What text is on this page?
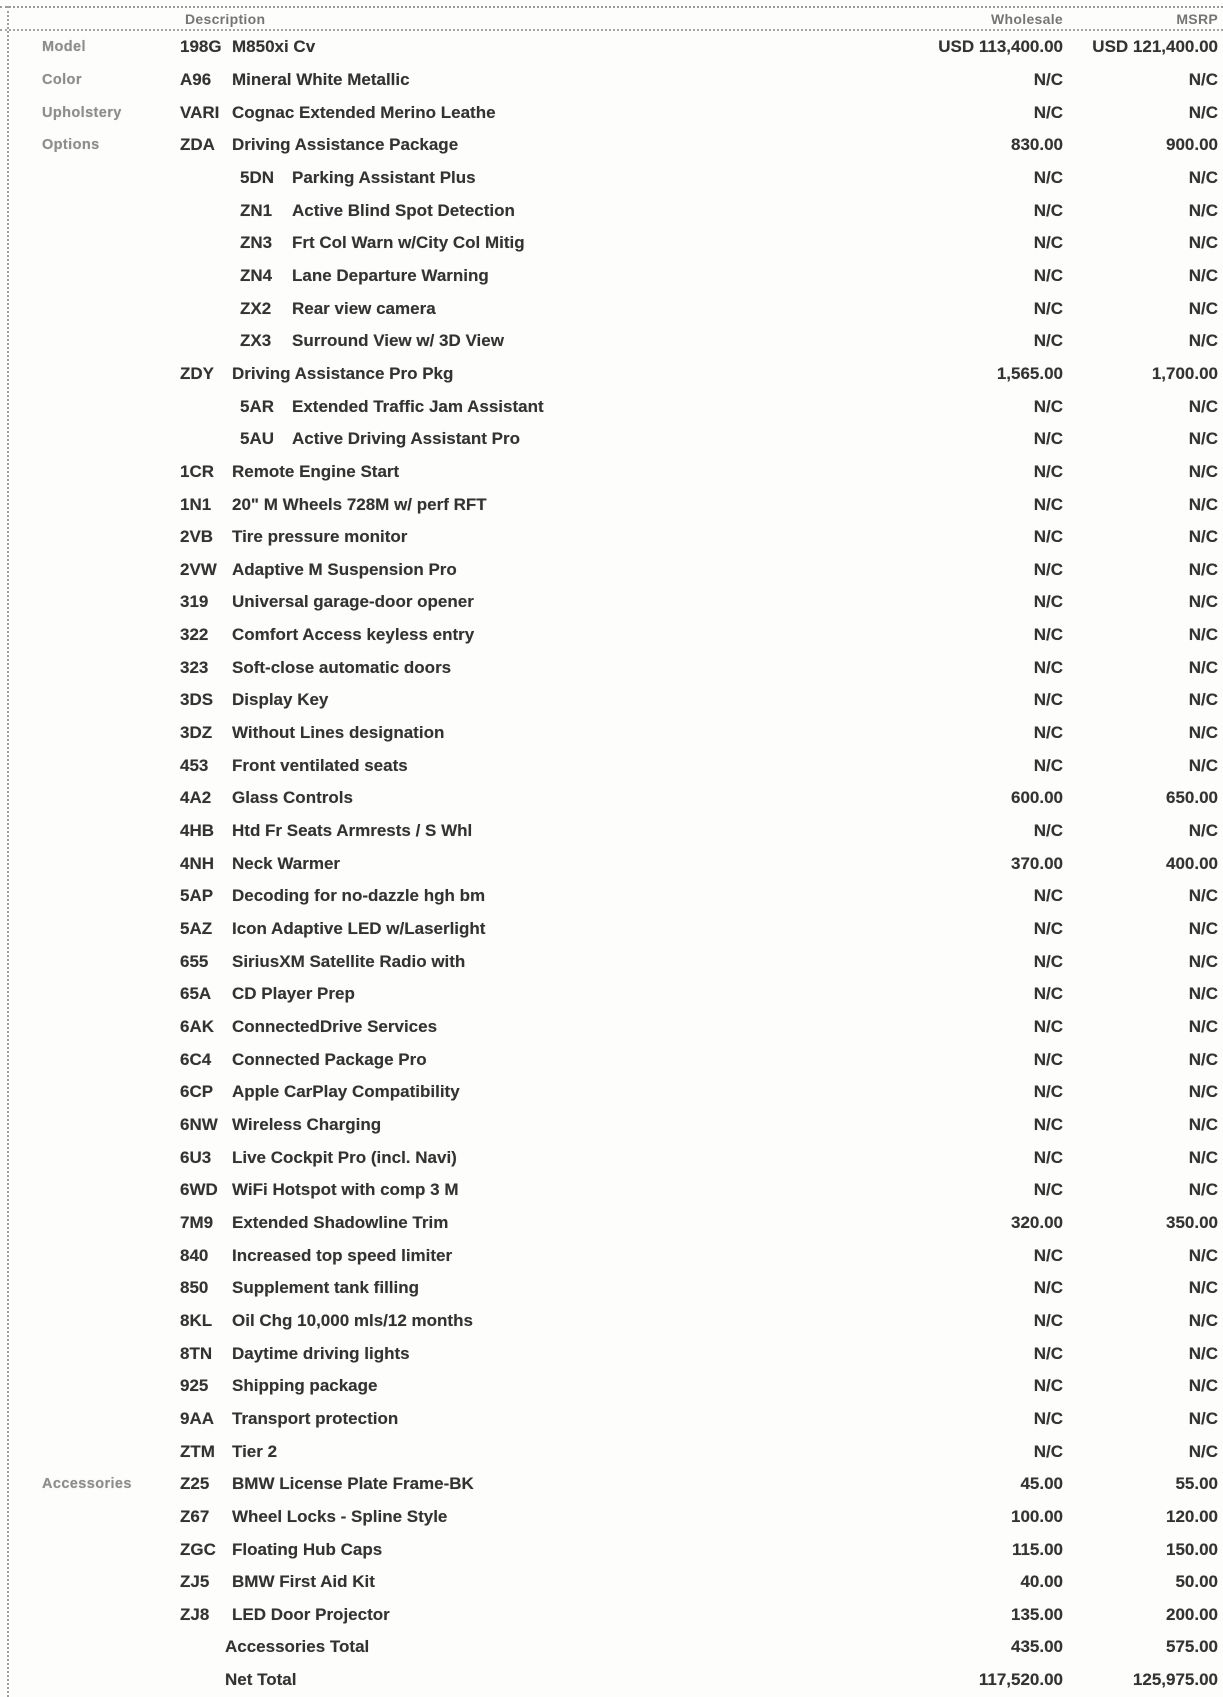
Description	Wholesale	MSRP
Model	198G M850xi Cv	USD 113,400.00	USD 121,400.00
Color	A96	Mineral White Metallic	N/C	N/C
Upholstery	VARI Cognac Extended Merino Leathe	N/C	N/C
Options	ZDA	Driving Assistance Package	830.00	900.00
5DN	Parking Assistant Plus	N/C	N/C
ZN1	Active Blind Spot Detection	N/C	N/C
ZN3	Frt Col Warn w/City Col Mitig	N/C	N/C
ZN4	Lane Departure Warning	N/C	N/C
ZX2	Rear view camera	N/C	N/C
ZX3	Surround View w/ 3D View	N/C	N/C
ZDY	Driving Assistance Pro Pkg	1,565.00	1,700.00
5AR	Extended Traffic Jam Assistant	N/C	N/C
5AU	Active Driving Assistant Pro	N/C	N/C
1CR	Remote Engine Start	N/C	N/C
1N1	20" M Wheels 728M w/ perf RFT	N/C	N/C
2VB	Tire pressure monitor	N/C	N/C
2VW Adaptive M Suspension Pro	N/C	N/C
319	Universal garage-door opener	N/C	N/C
322	Comfort Access keyless entry	N/C	N/C
323	Soft-close automatic doors	N/C	N/C
3DS	Display Key	N/C	N/C
3DZ	Without Lines designation	N/C	N/C
453	Front ventilated seats	N/C	N/C
4A2	Glass Controls	600.00	650.00
4HB	Htd Fr Seats Armrests / S Whl	N/C	N/C
4NH	Neck Warmer	370.00	400.00
5AP	Decoding for no-dazzle hgh bm	N/C	N/C
5AZ	Icon Adaptive LED w/Laserlight	N/C	N/C
655	SiriusXM Satellite Radio with	N/C	N/C
65A	CD Player Prep	N/C	N/C
6AK	ConnectedDrive Services	N/C	N/C
6C4	Connected Package Pro	N/C	N/C
6CP	Apple CarPlay Compatibility	N/C	N/C
6NW Wireless Charging	N/C	N/C
6U3	Live Cockpit Pro (incl. Navi)	N/C	N/C
6WD WiFi Hotspot with comp 3 M	N/C	N/C
7M9	Extended Shadowline Trim	320.00	350.00
840	Increased top speed limiter	N/C	N/C
850	Supplement tank filling	N/C	N/C
8KL	Oil Chg 10,000 mls/12 months	N/C	N/C
8TN	Daytime driving lights	N/C	N/C
925	Shipping package	N/C	N/C
9AA	Transport protection	N/C	N/C
ZTM	Tier 2	N/C	N/C
Accessories	Z25	BMW License Plate Frame-BK	45.00	55.00
Z67	Wheel Locks - Spline Style	100.00	120.00
ZGC Floating Hub Caps	115.00	150.00
ZJ5	BMW First Aid Kit	40.00	50.00
ZJ8	LED Door Projector	135.00	200.00
Accessories Total	435.00	575.00
Net Total	117,520.00	125,975.00
